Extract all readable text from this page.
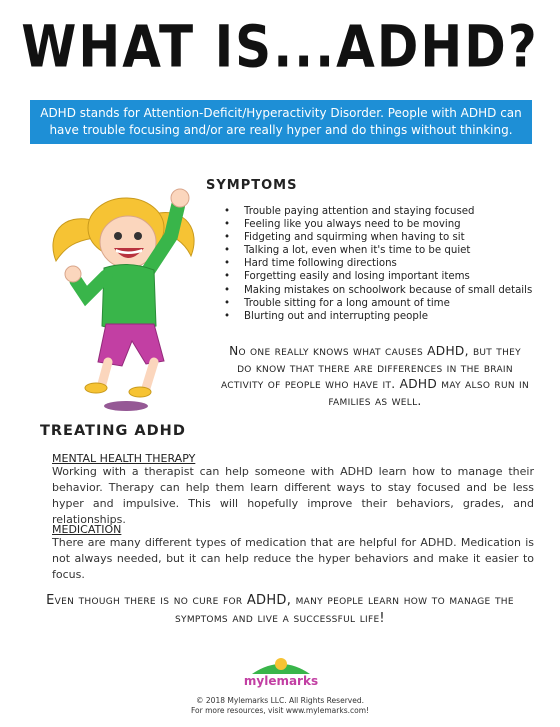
WHAT IS...ADHD?
ADHD stands for Attention-Deficit/Hyperactivity Disorder. People with ADHD can have trouble focusing and/or are really hyper and do things without thinking.
SYMPTOMS
• Trouble paying attention and staying focused
• Feeling like you always need to be moving
• Fidgeting and squirming when having to sit
• Talking a lot, even when it's time to be quiet
• Hard time following directions
• Forgetting easily and losing important items
• Making mistakes on schoolwork because of small details
• Trouble sitting for a long amount of time
• Blurting out and interrupting people
No one really knows what causes ADHD, but they do know that there are differences in the brain activity of people who have it. ADHD may also run in families as well.
TREATING ADHD
MENTAL HEALTH THERAPY
Working with a therapist can help someone with ADHD learn how to manage their behavior. Therapy can help them learn different ways to stay focused and be less hyper and impulsive. This will hopefully improve their behaviors, grades, and relationships.
MEDICATION
There are many different types of medication that are helpful for ADHD. Medication is not always needed, but it can help reduce the hyper behaviors and make it easier to focus.
Even though there is no cure for ADHD, many people learn how to manage the symptoms and live a successful life!
mylemarks
© 2018 Mylemarks LLC. All Rights Reserved.
For more resources, visit www.mylemarks.com!
